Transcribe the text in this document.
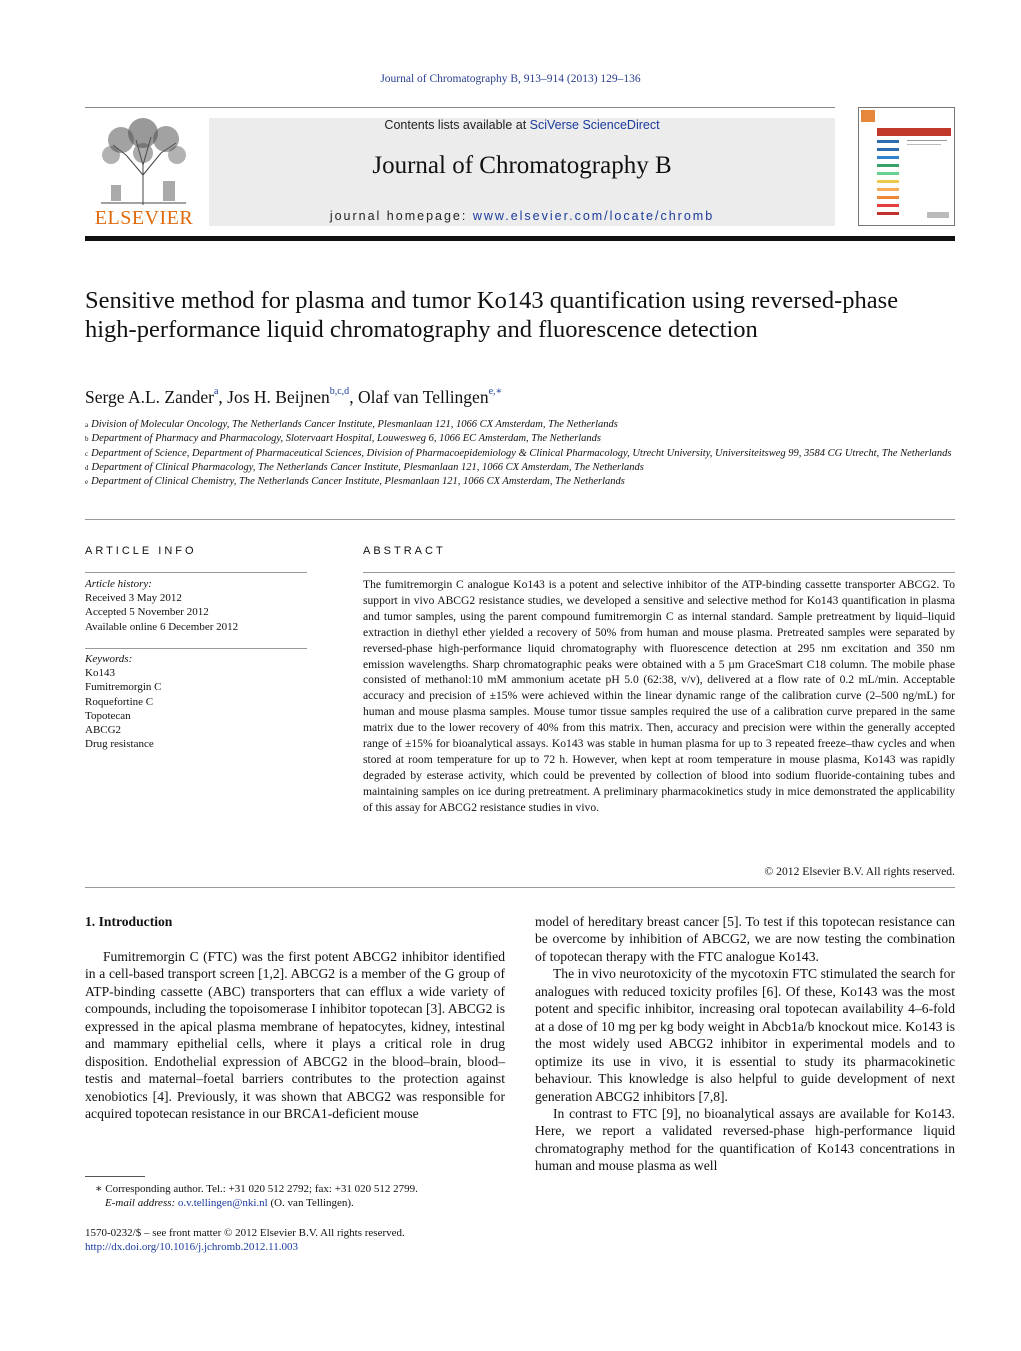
Journal of Chromatography B, 913–914 (2013) 129–136
ELSEVIER
Contents lists available at SciVerse ScienceDirect
Journal of Chromatography B
journal homepage: www.elsevier.com/locate/chromb
Sensitive method for plasma and tumor Ko143 quantification using reversed-phase high-performance liquid chromatography and fluorescence detection
Serge A.L. Zander$^a$, Jos H. Beijnen$^{b,c,d}$, Olaf van Tellingen$^{e,∗}$
$^a$ Division of Molecular Oncology, The Netherlands Cancer Institute, Plesmanlaan 121, 1066 CX Amsterdam, The Netherlands
$^b$ Department of Pharmacy and Pharmacology, Slotervaart Hospital, Louwesweg 6, 1066 EC Amsterdam, The Netherlands
$^c$ Department of Science, Department of Pharmaceutical Sciences, Division of Pharmacoepidemiology & Clinical Pharmacology, Utrecht University, Universiteitsweg 99, 3584 CG Utrecht, The Netherlands
$^d$ Department of Clinical Pharmacology, The Netherlands Cancer Institute, Plesmanlaan 121, 1066 CX Amsterdam, The Netherlands
$^e$ Department of Clinical Chemistry, The Netherlands Cancer Institute, Plesmanlaan 121, 1066 CX Amsterdam, The Netherlands
ARTICLE INFO
Article history:
Received 3 May 2012
Accepted 5 November 2012
Available online 6 December 2012
Keywords:
Ko143
Fumitremorgin C
Roquefortine C
Topotecan
ABCG2
Drug resistance
ABSTRACT
The fumitremorgin C analogue Ko143 is a potent and selective inhibitor of the ATP-binding cassette transporter ABCG2. To support in vivo ABCG2 resistance studies, we developed a sensitive and selective method for Ko143 quantification in plasma and tumor samples, using the parent compound fumitremorgin C as internal standard. Sample pretreatment by liquid–liquid extraction in diethyl ether yielded a recovery of 50% from human and mouse plasma. Pretreated samples were separated by reversed-phase high-performance liquid chromatography with fluorescence detection at 295 nm excitation and 350 nm emission wavelengths. Sharp chromatographic peaks were obtained with a 5 µm GraceSmart C18 column. The mobile phase consisted of methanol:10 mM ammonium acetate pH 5.0 (62:38, v/v), delivered at a flow rate of 0.2 mL/min. Acceptable accuracy and precision of ±15% were achieved within the linear dynamic range of the calibration curve (2–500 ng/mL) for human and mouse plasma samples. Mouse tumor tissue samples required the use of a calibration curve prepared in the same matrix due to the lower recovery of 40% from this matrix. Then, accuracy and precision were within the generally accepted range of ±15% for bioanalytical assays. Ko143 was stable in human plasma for up to 3 repeated freeze–thaw cycles and when stored at room temperature for up to 72 h. However, when kept at room temperature in mouse plasma, Ko143 was rapidly degraded by esterase activity, which could be prevented by collection of blood into sodium fluoride-containing tubes and maintaining samples on ice during pretreatment. A preliminary pharmacokinetics study in mice demonstrated the applicability of this assay for ABCG2 resistance studies in vivo.
© 2012 Elsevier B.V. All rights reserved.
1. Introduction

Fumitremorgin C (FTC) was the first potent ABCG2 inhibitor identified in a cell-based transport screen [1,2]. ABCG2 is a member of the G group of ATP-binding cassette (ABC) transporters that can efflux a wide variety of compounds, including the topoisomerase I inhibitor topotecan [3]. ABCG2 is expressed in the apical plasma membrane of hepatocytes, kidney, intestinal and mammary epithelial cells, where it plays a critical role in drug disposition. Endothelial expression of ABCG2 in the blood–brain, blood–testis and maternal–foetal barriers contributes to the protection against xenobiotics [4]. Previously, it was shown that ABCG2 was responsible for acquired topotecan resistance in our BRCA1-deficient mouse

model of hereditary breast cancer [5]. To test if this topotecan resistance can be overcome by inhibition of ABCG2, we are now testing the combination of topotecan therapy with the FTC analogue Ko143.

The in vivo neurotoxicity of the mycotoxin FTC stimulated the search for analogues with reduced toxicity profiles [6]. Of these, Ko143 was the most potent and specific inhibitor, increasing oral topotecan availability 4–6-fold at a dose of 10 mg per kg body weight in Abcb1a/b knockout mice. Ko143 is the most widely used ABCG2 inhibitor in experimental models and to optimize its use in vivo, it is essential to study its pharmacokinetic behaviour. This knowledge is also helpful to guide development of next generation ABCG2 inhibitors [7,8].

In contrast to FTC [9], no bioanalytical assays are available for Ko143. Here, we report a validated reversed-phase high-performance liquid chromatography method for the quantification of Ko143 concentrations in human and mouse plasma as well

∗ Corresponding author. Tel.: +31 020 512 2792; fax: +31 020 512 2799.
E-mail address: o.v.tellingen@nki.nl (O. van Tellingen).
1570-0232/$ – see front matter © 2012 Elsevier B.V. All rights reserved.
http://dx.doi.org/10.1016/j.jchromb.2012.11.003
